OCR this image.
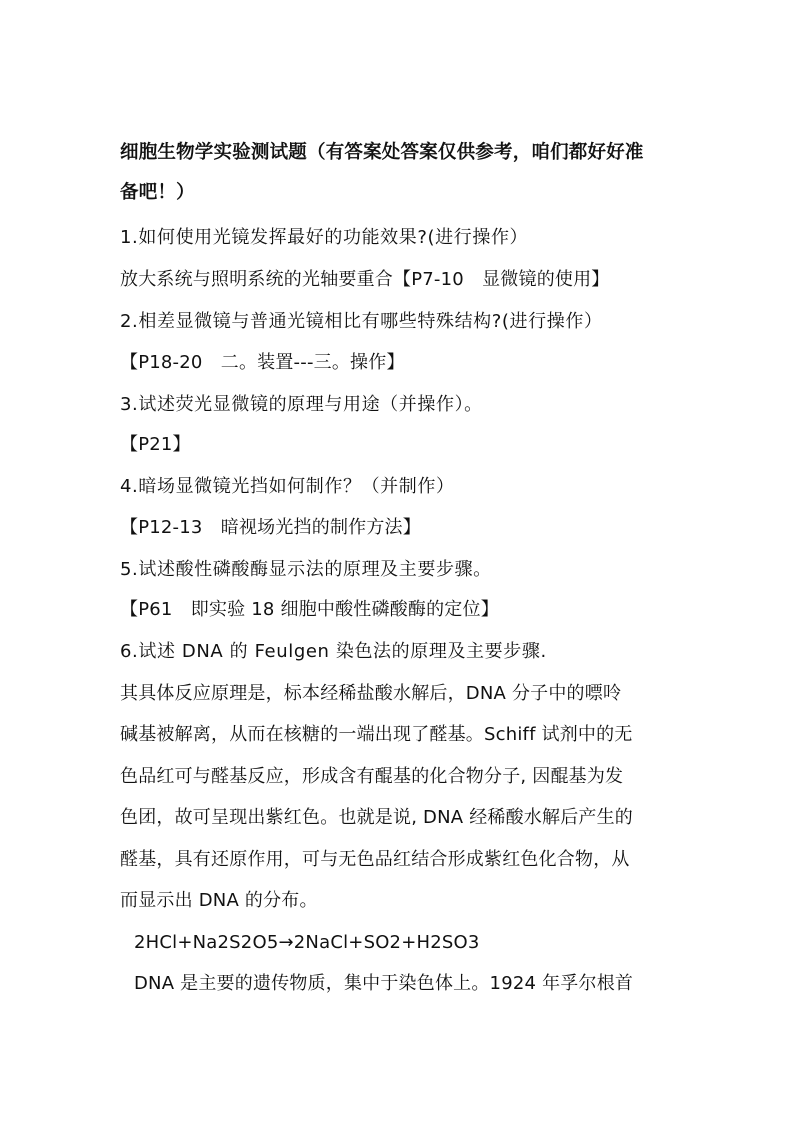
细胞生物学实验测试题（有答案处答案仅供参考，咱们都好好准
备吧！）
1.如何使用光镜发挥最好的功能效果?(进行操作）
放大系统与照明系统的光轴要重合【P7-10　显微镜的使用】
2.相差显微镜与普通光镜相比有哪些特殊结构?(进行操作）
【P18-20　二。装置---三。操作】
3.试述荧光显微镜的原理与用途（并操作）。
【P21】
4.暗场显微镜光挡如何制作？（并制作）
【P12-13　暗视场光挡的制作方法】
5.试述酸性磷酸酶显示法的原理及主要步骤。
【P61　即实验 18 细胞中酸性磷酸酶的定位】
6.试述 DNA 的 Feulgen 染色法的原理及主要步骤.
其具体反应原理是，标本经稀盐酸水解后，DNA 分子中的嘌呤
碱基被解离，从而在核糖的一端出现了醛基。Schiff 试剂中的无
色品红可与醛基反应，形成含有醌基的化合物分子, 因醌基为发
色团，故可呈现出紫红色。也就是说, DNA 经稀酸水解后产生的
醛基，具有还原作用，可与无色品红结合形成紫红色化合物，从
而显示出 DNA 的分布。
2HCl+Na2S2O5→2NaCl+SO2+H2SO3
DNA 是主要的遗传物质，集中于染色体上。1924 年孚尔根首
